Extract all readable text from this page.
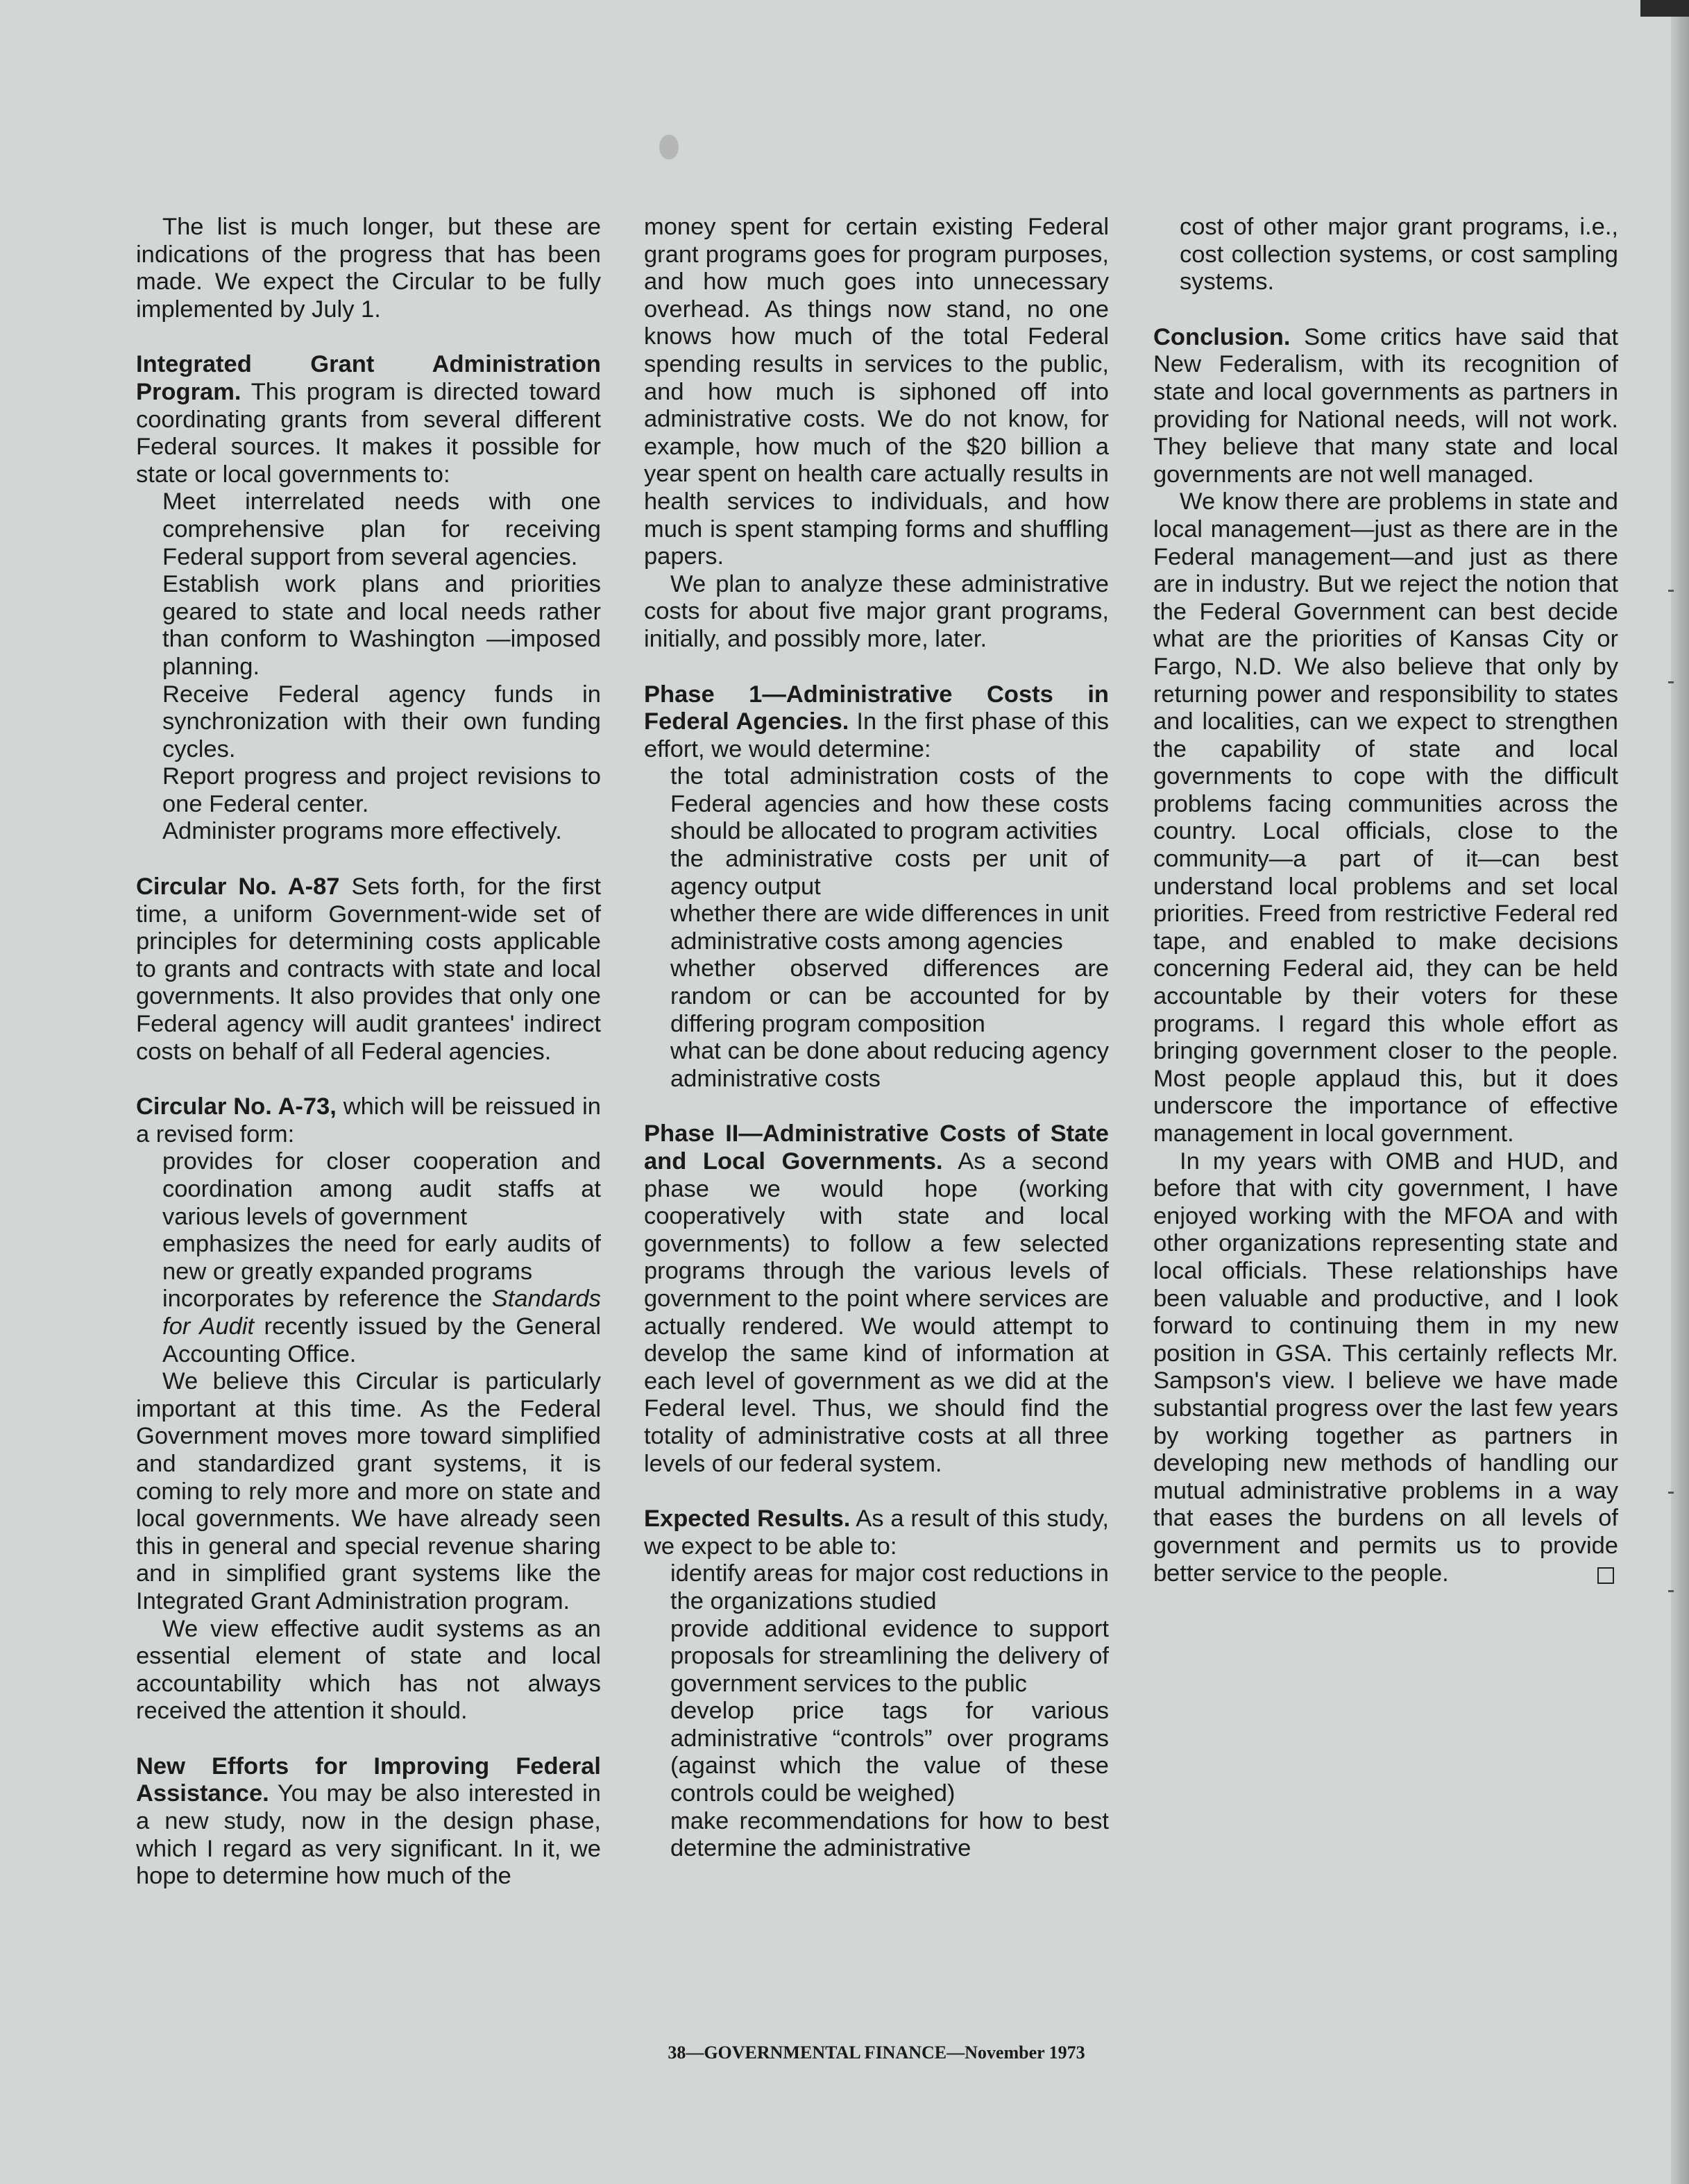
The list is much longer, but these are indications of the progress that has been made. We expect the Circular to be fully implemented by July 1.

Integrated Grant Administration Program. This program is directed toward coordinating grants from several different Federal sources. It makes it possible for state or local governments to:

Meet interrelated needs with one comprehensive plan for receiving Federal support from several agencies.

Establish work plans and priorities geared to state and local needs rather than conform to Washington —imposed planning.

Receive Federal agency funds in synchronization with their own funding cycles.

Report progress and project revisions to one Federal center.

Administer programs more effectively.

Circular No. A-87 Sets forth, for the first time, a uniform Government-wide set of principles for determining costs applicable to grants and contracts with state and local governments. It also provides that only one Federal agency will audit grantees' indirect costs on behalf of all Federal agencies.

Circular No. A-73, which will be reissued in a revised form:

provides for closer cooperation and coordination among audit staffs at various levels of government

emphasizes the need for early audits of new or greatly expanded programs

incorporates by reference the Standards for Audit recently issued by the General Accounting Office.

We believe this Circular is particularly important at this time. As the Federal Government moves more toward simplified and standardized grant systems, it is coming to rely more and more on state and local governments. We have already seen this in general and special revenue sharing and in simplified grant systems like the Integrated Grant Administration program.

We view effective audit systems as an essential element of state and local accountability which has not always received the attention it should.

New Efforts for Improving Federal Assistance. You may be also interested in a new study, now in the design phase, which I regard as very significant. In it, we hope to determine how much of the

money spent for certain existing Federal grant programs goes for program purposes, and how much goes into unnecessary overhead. As things now stand, no one knows how much of the total Federal spending results in services to the public, and how much is siphoned off into administrative costs. We do not know, for example, how much of the $20 billion a year spent on health care actually results in health services to individuals, and how much is spent stamping forms and shuffling papers.

We plan to analyze these administrative costs for about five major grant programs, initially, and possibly more, later.

Phase 1—Administrative Costs in Federal Agencies. In the first phase of this effort, we would determine:

the total administration costs of the Federal agencies and how these costs should be allocated to program activities

the administrative costs per unit of agency output

whether there are wide differences in unit administrative costs among agencies

whether observed differences are random or can be accounted for by differing program composition

what can be done about reducing agency administrative costs

Phase II—Administrative Costs of State and Local Governments. As a second phase we would hope (working cooperatively with state and local governments) to follow a few selected programs through the various levels of government to the point where services are actually rendered. We would attempt to develop the same kind of information at each level of government as we did at the Federal level. Thus, we should find the totality of administrative costs at all three levels of our federal system.

Expected Results. As a result of this study, we expect to be able to:

identify areas for major cost reductions in the organizations studied

provide additional evidence to support proposals for streamlining the delivery of government services to the public

develop price tags for various administrative “controls” over programs (against which the value of these controls could be weighed)

make recommendations for how to best determine the administrative

cost of other major grant programs, i.e., cost collection systems, or cost sampling systems.

Conclusion. Some critics have said that New Federalism, with its recognition of state and local governments as partners in providing for National needs, will not work. They believe that many state and local governments are not well managed.

We know there are problems in state and local management—just as there are in the Federal management—and just as there are in industry. But we reject the notion that the Federal Government can best decide what are the priorities of Kansas City or Fargo, N.D. We also believe that only by returning power and responsibility to states and localities, can we expect to strengthen the capability of state and local governments to cope with the difficult problems facing communities across the country. Local officials, close to the community—a part of it—can best understand local problems and set local priorities. Freed from restrictive Federal red tape, and enabled to make decisions concerning Federal aid, they can be held accountable by their voters for these programs. I regard this whole effort as bringing government closer to the people. Most people applaud this, but it does underscore the importance of effective management in local government.

In my years with OMB and HUD, and before that with city government, I have enjoyed working with the MFOA and with other organizations representing state and local officials. These relationships have been valuable and productive, and I look forward to continuing them in my new position in GSA. This certainly reflects Mr. Sampson's view. I believe we have made substantial progress over the last few years by working together as partners in developing new methods of handling our mutual administrative problems in a way that eases the burdens on all levels of government and permits us to provide better service to the people.

38—GOVERNMENTAL FINANCE—November 1973
